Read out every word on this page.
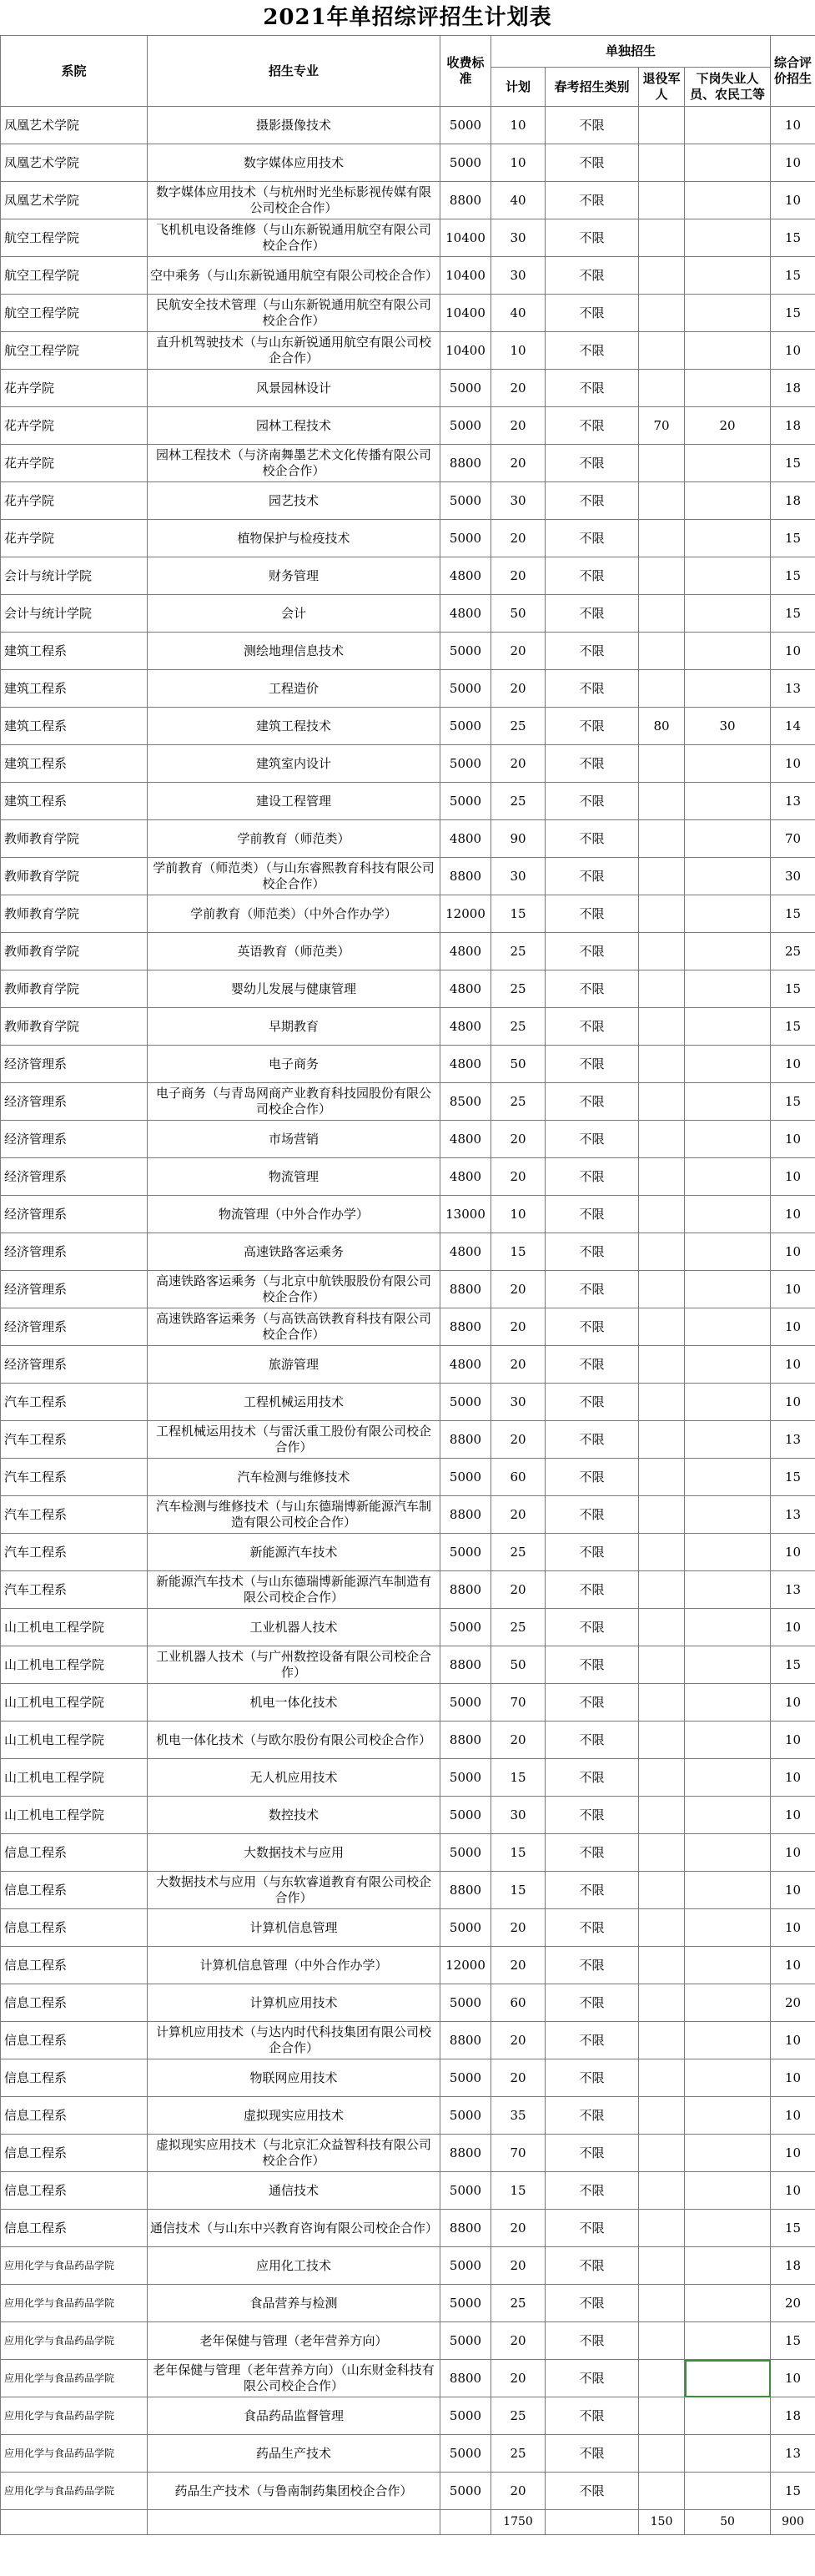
2021年单招综评招生计划表
系院	招生专业	收费标准	单独招生				综合评价招生
			计划	春考招生类别	退役军人	下岗失业人员、农民工等	
凤凰艺术学院	摄影摄像技术	5000	10	不限			10
凤凰艺术学院	数字媒体应用技术	5000	10	不限			10
凤凰艺术学院	数字媒体应用技术（与杭州时光坐标影视传媒有限公司校企合作）	8800	40	不限			10
航空工程学院	飞机机电设备维修（与山东新锐通用航空有限公司校企合作）	10400	30	不限			15
航空工程学院	空中乘务（与山东新锐通用航空有限公司校企合作）	10400	30	不限			15
航空工程学院	民航安全技术管理（与山东新锐通用航空有限公司校企合作）	10400	40	不限			15
航空工程学院	直升机驾驶技术（与山东新锐通用航空有限公司校企合作）	10400	10	不限			10
花卉学院	风景园林设计	5000	20	不限			18
花卉学院	园林工程技术	5000	20	不限	70	20	18
花卉学院	园林工程技术（与济南舞墨艺术文化传播有限公司校企合作）	8800	20	不限			15
花卉学院	园艺技术	5000	30	不限			18
花卉学院	植物保护与检疫技术	5000	20	不限			15
会计与统计学院	财务管理	4800	20	不限			15
会计与统计学院	会计	4800	50	不限			15
建筑工程系	测绘地理信息技术	5000	20	不限			10
建筑工程系	工程造价	5000	20	不限			13
建筑工程系	建筑工程技术	5000	25	不限	80	30	14
建筑工程系	建筑室内设计	5000	20	不限			10
建筑工程系	建设工程管理	5000	25	不限			13
教师教育学院	学前教育（师范类）	4800	90	不限			70
教师教育学院	学前教育（师范类）（与山东睿熙教育科技有限公司校企合作）	8800	30	不限			30
教师教育学院	学前教育（师范类）（中外合作办学）	12000	15	不限			15
教师教育学院	英语教育（师范类）	4800	25	不限			25
教师教育学院	婴幼儿发展与健康管理	4800	25	不限			15
教师教育学院	早期教育	4800	25	不限			15
经济管理系	电子商务	4800	50	不限			10
经济管理系	电子商务（与青岛网商产业教育科技园股份有限公司校企合作）	8500	25	不限			15
经济管理系	市场营销	4800	20	不限			10
经济管理系	物流管理	4800	20	不限			10
经济管理系	物流管理（中外合作办学）	13000	10	不限			10
经济管理系	高速铁路客运乘务	4800	15	不限			10
经济管理系	高速铁路客运乘务（与北京中航铁服股份有限公司校企合作）	8800	20	不限			10
经济管理系	高速铁路客运乘务（与高铁高铁教育科技有限公司校企合作）	8800	20	不限			10
经济管理系	旅游管理	4800	20	不限			10
汽车工程系	工程机械运用技术	5000	30	不限			10
汽车工程系	工程机械运用技术（与雷沃重工股份有限公司校企合作）	8800	20	不限			13
汽车工程系	汽车检测与维修技术	5000	60	不限			15
汽车工程系	汽车检测与维修技术（与山东德瑞博新能源汽车制造有限公司校企合作）	8800	20	不限			13
汽车工程系	新能源汽车技术	5000	25	不限			10
汽车工程系	新能源汽车技术（与山东德瑞博新能源汽车制造有限公司校企合作）	8800	20	不限			13
山工机电工程学院	工业机器人技术	5000	25	不限			10
山工机电工程学院	工业机器人技术（与广州数控设备有限公司校企合作）	8800	50	不限			15
山工机电工程学院	机电一体化技术	5000	70	不限			10
山工机电工程学院	机电一体化技术（与欧尔股份有限公司校企合作）	8800	20	不限			10
山工机电工程学院	无人机应用技术	5000	15	不限			10
山工机电工程学院	数控技术	5000	30	不限			10
信息工程系	大数据技术与应用	5000	15	不限			10
信息工程系	大数据技术与应用（与东软睿道教育有限公司校企合作）	8800	15	不限			10
信息工程系	计算机信息管理	5000	20	不限			10
信息工程系	计算机信息管理（中外合作办学）	12000	20	不限			10
信息工程系	计算机应用技术	5000	60	不限			20
信息工程系	计算机应用技术（与达内时代科技集团有限公司校企合作）	8800	20	不限			10
信息工程系	物联网应用技术	5000	20	不限			10
信息工程系	虚拟现实应用技术	5000	35	不限			10
信息工程系	虚拟现实应用技术（与北京汇众益智科技有限公司校企合作）	8800	70	不限			10
信息工程系	通信技术	5000	15	不限			10
信息工程系	通信技术（与山东中兴教育咨询有限公司校企合作）	8800	20	不限			15
应用化学与食品药品学院	应用化工技术	5000	20	不限			18
应用化学与食品药品学院	食品营养与检测	5000	25	不限			20
应用化学与食品药品学院	老年保健与管理（老年营养方向）	5000	20	不限			15
应用化学与食品药品学院	老年保健与管理（老年营养方向）（山东财金科技有限公司校企合作）	8800	20	不限			10
应用化学与食品药品学院	食品药品监督管理	5000	25	不限			18
应用化学与食品药品学院	药品生产技术	5000	25	不限			13
应用化学与食品药品学院	药品生产技术（与鲁南制药集团校企合作）	5000	20	不限			15
			1750		150	50	900
